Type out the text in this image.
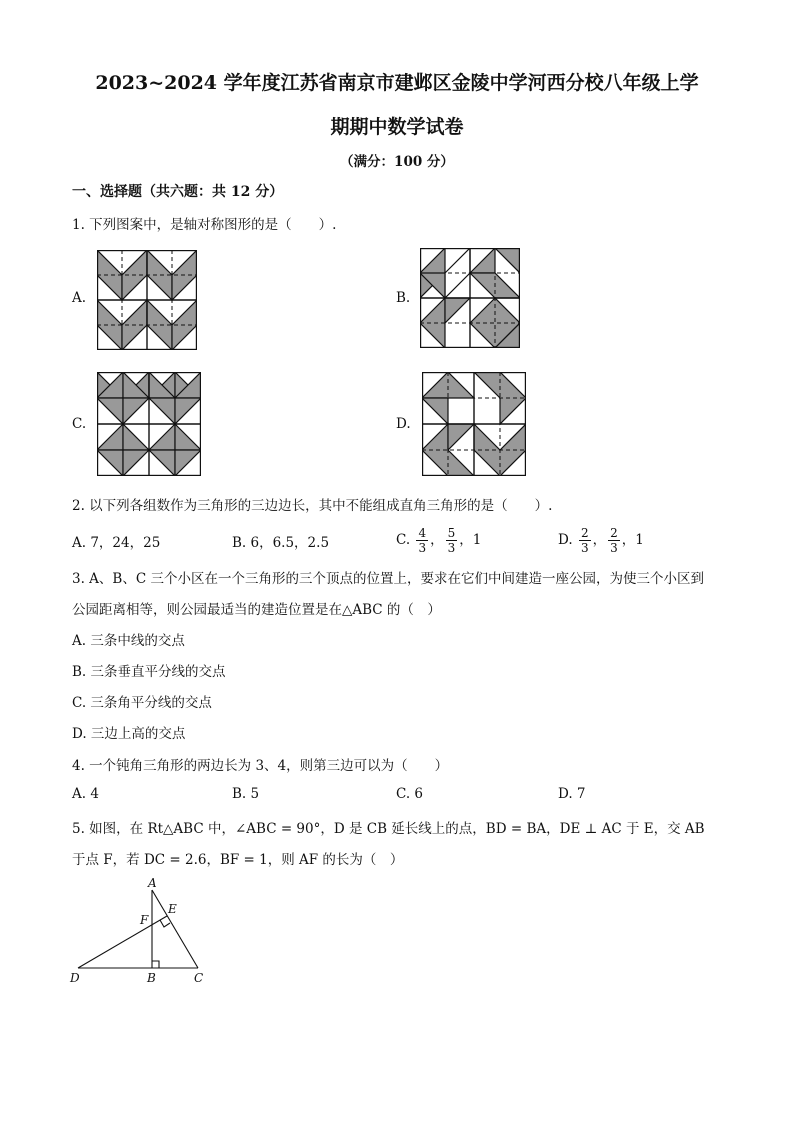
2023~2024 学年度江苏省南京市建邺区金陵中学河西分校八年级上学
期期中数学试卷
（满分：100 分）
一、选择题（共六题：共 12 分）
1. 下列图案中，是轴对称图形的是（　　）.
A.	B.
C.	D.
2. 以下列各组数作为三角形的三边边长，其中不能组成直角三角形的是（　　）.
A. 7，24，25	B. 6，6.5，2.5	C. $\frac{4}{3}$ ， $\frac{5}{3}$ ，1	D. $\frac{2}{3}$ ， $\frac{2}{3}$ ，1
3. A、B、C 三个小区在一个三角形的三个顶点的位置上，要求在它们中间建造一座公园，为使三个小区到
公园距离相等，则公园最适当的建造位置是在△ABC 的（　）
A. 三条中线的交点
B. 三条垂直平分线的交点
C. 三条角平分线的交点
D. 三边上高的交点
4. 一个钝角三角形的两边长为 3、4，则第三边可以为（　　）
A. 4	B. 5	C. 6	D. 7
5. 如图，在 Rt△ABC 中，∠ABC = 90°，D 是 CB 延长线上的点，BD = BA，DE ⊥ AC 于 E，交 AB
于点 F，若 DC = 2.6，BF = 1，则 AF 的长为（　）
A
E
F
D	B	C
